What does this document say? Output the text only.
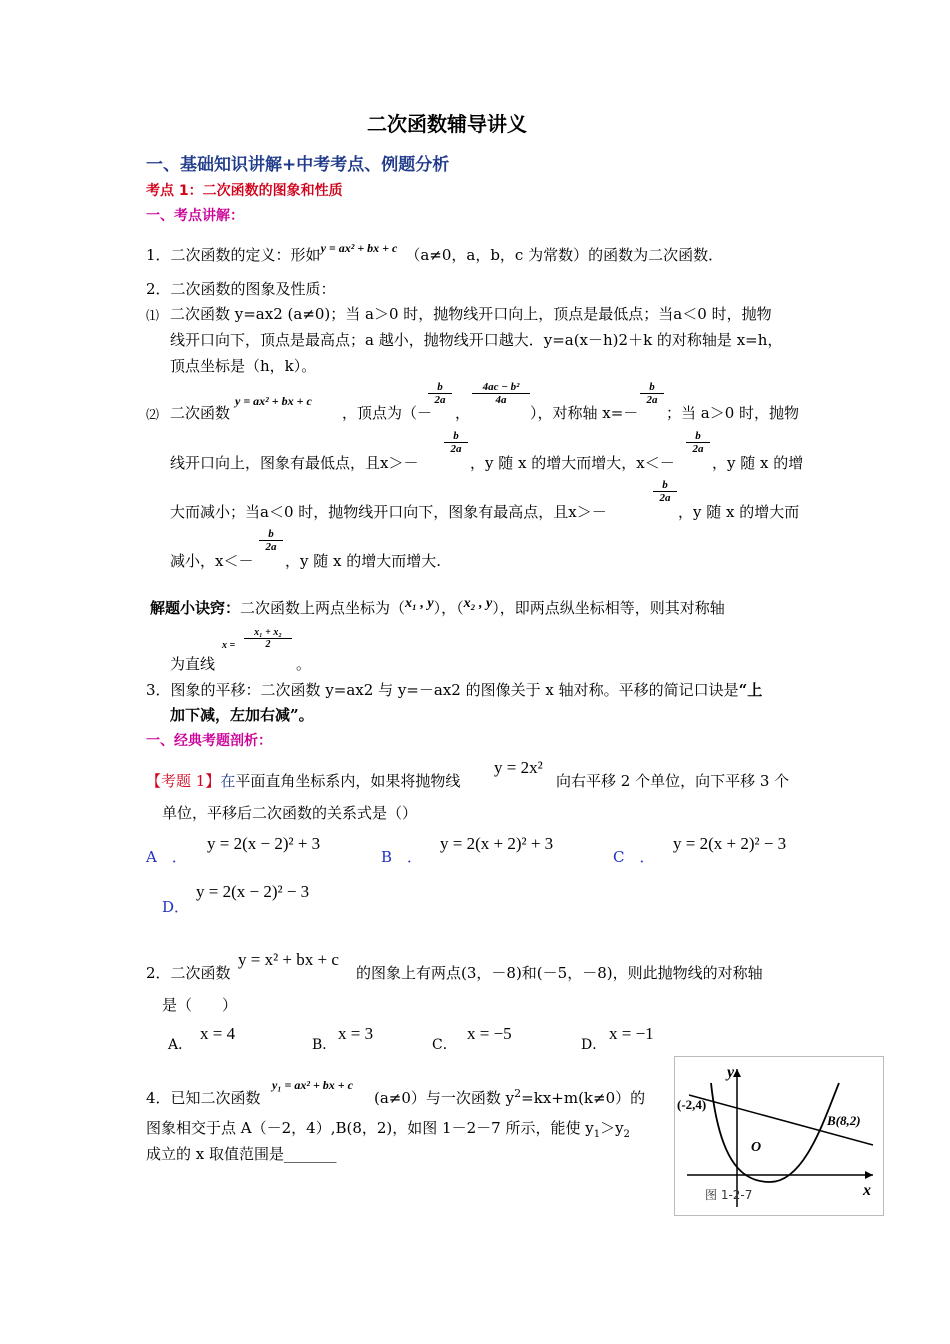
二次函数辅导讲义
一、基础知识讲解+中考考点、例题分析
考点 1：二次函数的图象和性质
一、考点讲解：
1．二次函数的定义：形如$^{y = ax^2 + bx + c}$ （a≠0，a，b，c 为常数）的函数为二次函数．
2．二次函数的图象及性质：
⑴ 二次函数 y=ax2 (a≠0)；当 a＞0 时，抛物线开口向上，顶点是最低点；当a＜0 时，抛物
线开口向下，顶点是最高点；a 越小，抛物线开口越大．y=a(x－h)2＋k 的对称轴是 x=h，
顶点坐标是（h，k）。
⑵ 二次函数
y = ax² + bx + c
，顶点为（－
$\frac{b}{2a}$
，
$\frac{\text{4ac − b²}}{4a}$
），对称轴 x=－
$\frac{b}{2a}$
；当 a＞0 时，抛物
线开口向上，图象有最低点，且x＞－
$\frac{b}{2a}$
，y 随 x 的增大而增大，x＜－
$\frac{b}{2a}$
，y 随 x 的增
大而减小；当a＜0 时，抛物线开口向下，图象有最高点，且x＞－
$\frac{b}{2a}$
，y 随 x 的增大而
减小，x＜－
$\frac{b}{2a}$
，y 随 x 的增大而增大.
解题小诀窍：二次函数上两点坐标为（x₁ , y），（x₂ , y），即两点纵坐标相等，则其对称轴
为直线
$x = \frac{\text{x₁ + x₂}}{2}$
。
3．图象的平移：二次函数 y=ax2 与 y=－ax2 的图像关于 x 轴对称。平移的简记口诀是“上
加下减，左加右减”。
一、经典考题剖析：
【考题 1】在平面直角坐标系内，如果将抛物线
y = 2x²
向右平移 2 个单位，向下平移 3 个
单位，平移后二次函数的关系式是（）
A　．
y = 2(x − 2)² + 3
B　．
y = 2(x + 2)² + 3
C　．
y = 2(x + 2)² − 3
D．
y = 2(x − 2)² − 3
2．二次函数
y = x² + bx + c
的图象上有两点(3，－8)和(－5，－8)，则此抛物线的对称轴
是（　　）
A．
x = 4
B．
x = 3
C．
x = −5
D．
x = −1
4．已知二次函数
y₁ = ax² + bx + c
(a≠0）与一次函数 $y^2=kx+m(k\ne 0)$的
图象相交于点 A（－2，4）,B(8，2)，如图 1－2－7 所示，能使 $y_1>y_2$
成立的 x 取值范围是_______
y
x
O
(-2,4)
B(8,2)
图 1-2-7
